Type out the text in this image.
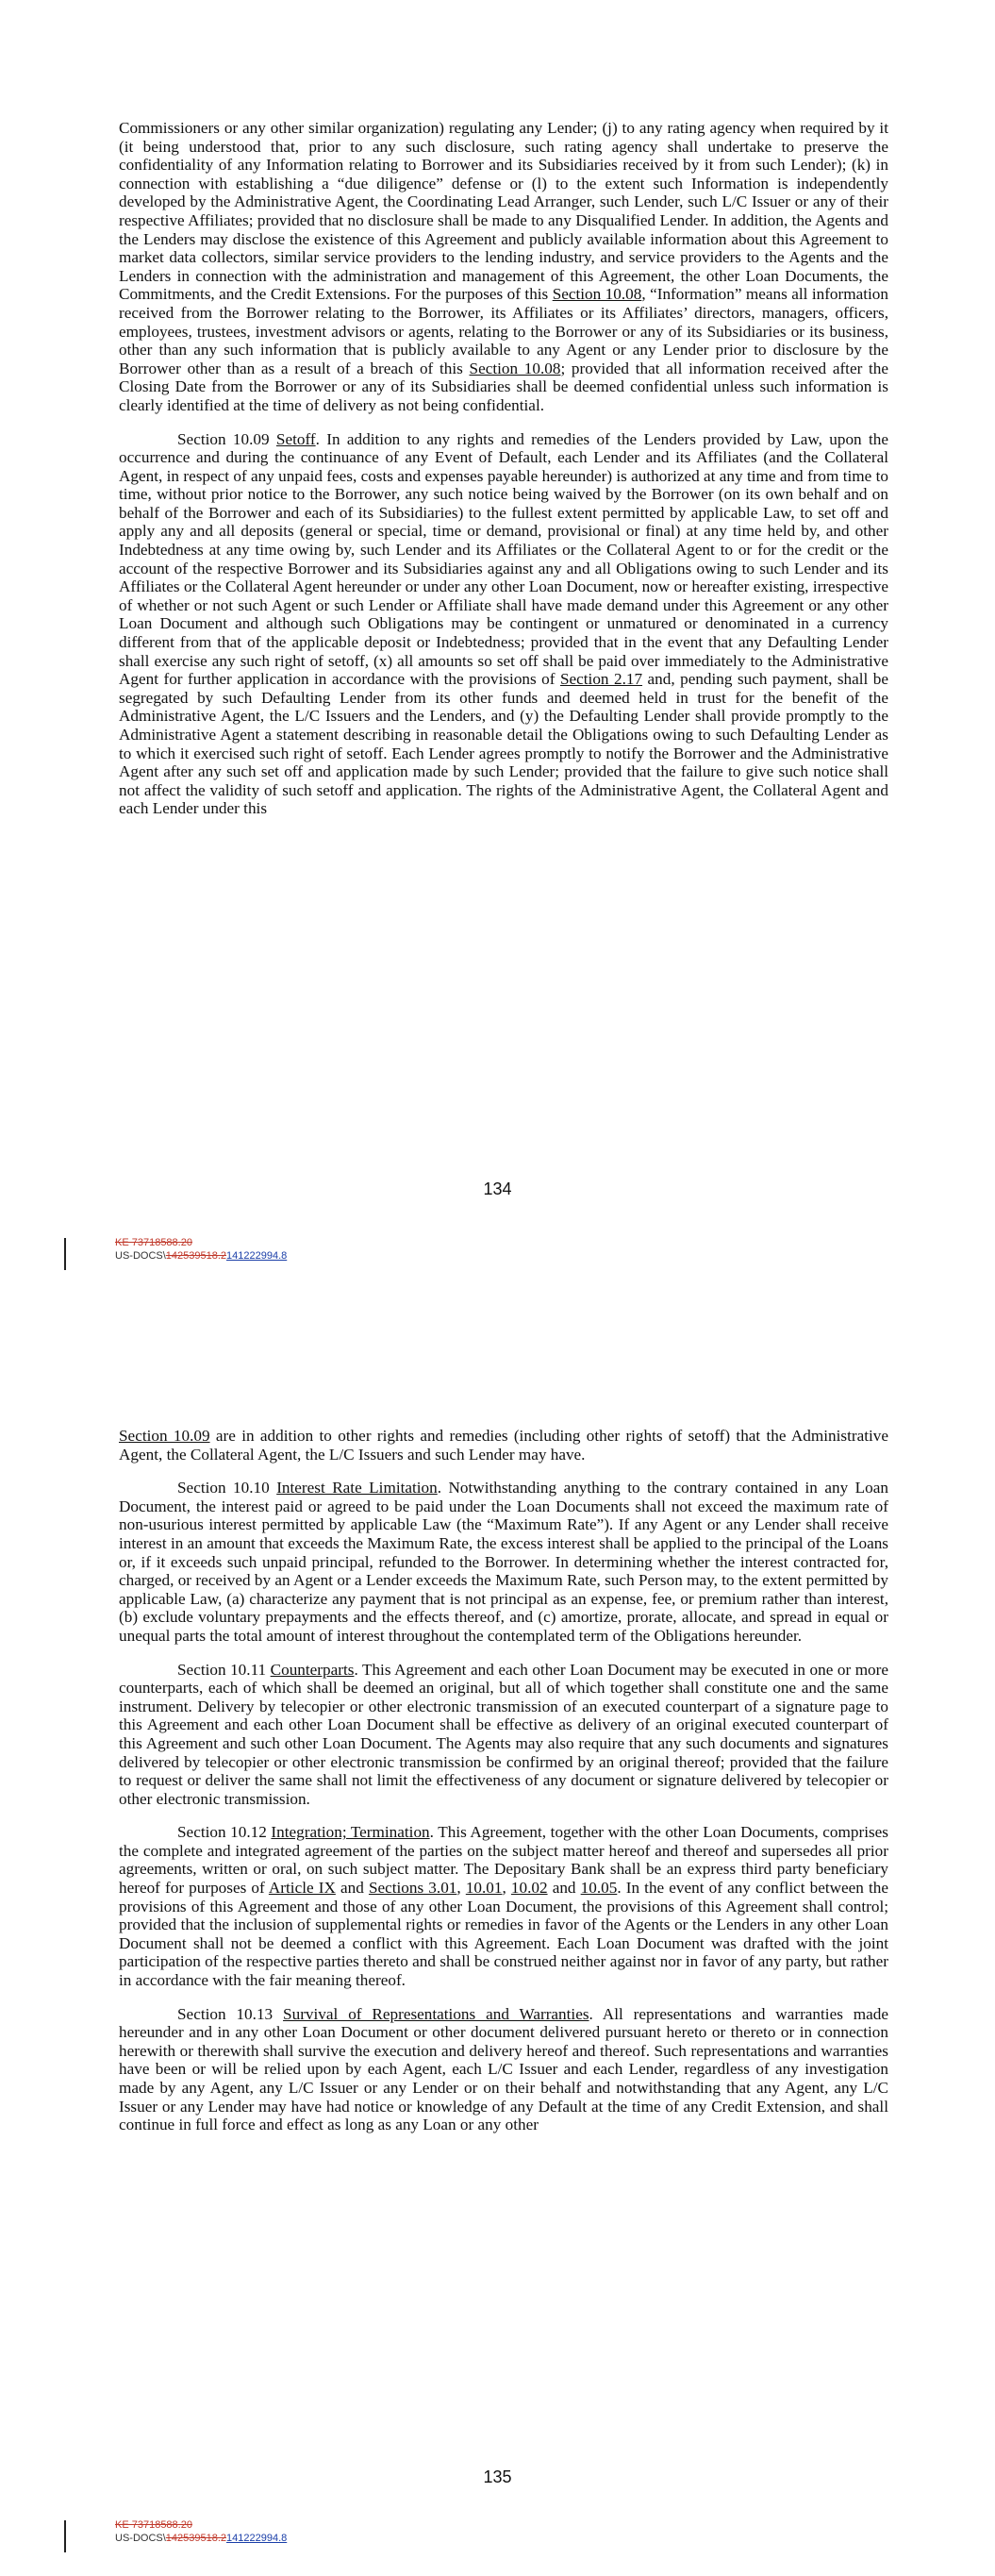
Commissioners or any other similar organization) regulating any Lender; (j) to any rating agency when required by it (it being understood that, prior to any such disclosure, such rating agency shall undertake to preserve the confidentiality of any Information relating to Borrower and its Subsidiaries received by it from such Lender); (k) in connection with establishing a “due diligence” defense or (l) to the extent such Information is independently developed by the Administrative Agent, the Coordinating Lead Arranger, such Lender, such L/C Issuer or any of their respective Affiliates; provided that no disclosure shall be made to any Disqualified Lender. In addition, the Agents and the Lenders may disclose the existence of this Agreement and publicly available information about this Agreement to market data collectors, similar service providers to the lending industry, and service providers to the Agents and the Lenders in connection with the administration and management of this Agreement, the other Loan Documents, the Commitments, and the Credit Extensions. For the purposes of this Section 10.08, “Information” means all information received from the Borrower relating to the Borrower, its Affiliates or its Affiliates’ directors, managers, officers, employees, trustees, investment advisors or agents, relating to the Borrower or any of its Subsidiaries or its business, other than any such information that is publicly available to any Agent or any Lender prior to disclosure by the Borrower other than as a result of a breach of this Section 10.08; provided that all information received after the Closing Date from the Borrower or any of its Subsidiaries shall be deemed confidential unless such information is clearly identified at the time of delivery as not being confidential.

Section 10.09 Setoff. In addition to any rights and remedies of the Lenders provided by Law, upon the occurrence and during the continuance of any Event of Default, each Lender and its Affiliates (and the Collateral Agent, in respect of any unpaid fees, costs and expenses payable hereunder) is authorized at any time and from time to time, without prior notice to the Borrower, any such notice being waived by the Borrower (on its own behalf and on behalf of the Borrower and each of its Subsidiaries) to the fullest extent permitted by applicable Law, to set off and apply any and all deposits (general or special, time or demand, provisional or final) at any time held by, and other Indebtedness at any time owing by, such Lender and its Affiliates or the Collateral Agent to or for the credit or the account of the respective Borrower and its Subsidiaries against any and all Obligations owing to such Lender and its Affiliates or the Collateral Agent hereunder or under any other Loan Document, now or hereafter existing, irrespective of whether or not such Agent or such Lender or Affiliate shall have made demand under this Agreement or any other Loan Document and although such Obligations may be contingent or unmatured or denominated in a currency different from that of the applicable deposit or Indebtedness; provided that in the event that any Defaulting Lender shall exercise any such right of setoff, (x) all amounts so set off shall be paid over immediately to the Administrative Agent for further application in accordance with the provisions of Section 2.17 and, pending such payment, shall be segregated by such Defaulting Lender from its other funds and deemed held in trust for the benefit of the Administrative Agent, the L/C Issuers and the Lenders, and (y) the Defaulting Lender shall provide promptly to the Administrative Agent a statement describing in reasonable detail the Obligations owing to such Defaulting Lender as to which it exercised such right of setoff. Each Lender agrees promptly to notify the Borrower and the Administrative Agent after any such set off and application made by such Lender; provided that the failure to give such notice shall not affect the validity of such setoff and application. The rights of the Administrative Agent, the Collateral Agent and each Lender under this

134
KE 73718588.20
US-DOCS\142539518.2141222994.8

Section 10.09 are in addition to other rights and remedies (including other rights of setoff) that the Administrative Agent, the Collateral Agent, the L/C Issuers and such Lender may have.

Section 10.10 Interest Rate Limitation. Notwithstanding anything to the contrary contained in any Loan Document, the interest paid or agreed to be paid under the Loan Documents shall not exceed the maximum rate of non-usurious interest permitted by applicable Law (the “Maximum Rate”). If any Agent or any Lender shall receive interest in an amount that exceeds the Maximum Rate, the excess interest shall be applied to the principal of the Loans or, if it exceeds such unpaid principal, refunded to the Borrower. In determining whether the interest contracted for, charged, or received by an Agent or a Lender exceeds the Maximum Rate, such Person may, to the extent permitted by applicable Law, (a) characterize any payment that is not principal as an expense, fee, or premium rather than interest, (b) exclude voluntary prepayments and the effects thereof, and (c) amortize, prorate, allocate, and spread in equal or unequal parts the total amount of interest throughout the contemplated term of the Obligations hereunder.

Section 10.11 Counterparts. This Agreement and each other Loan Document may be executed in one or more counterparts, each of which shall be deemed an original, but all of which together shall constitute one and the same instrument. Delivery by telecopier or other electronic transmission of an executed counterpart of a signature page to this Agreement and each other Loan Document shall be effective as delivery of an original executed counterpart of this Agreement and such other Loan Document. The Agents may also require that any such documents and signatures delivered by telecopier or other electronic transmission be confirmed by an original thereof; provided that the failure to request or deliver the same shall not limit the effectiveness of any document or signature delivered by telecopier or other electronic transmission.

Section 10.12 Integration; Termination. This Agreement, together with the other Loan Documents, comprises the complete and integrated agreement of the parties on the subject matter hereof and thereof and supersedes all prior agreements, written or oral, on such subject matter. The Depositary Bank shall be an express third party beneficiary hereof for purposes of Article IX and Sections 3.01, 10.01, 10.02 and 10.05. In the event of any conflict between the provisions of this Agreement and those of any other Loan Document, the provisions of this Agreement shall control; provided that the inclusion of supplemental rights or remedies in favor of the Agents or the Lenders in any other Loan Document shall not be deemed a conflict with this Agreement. Each Loan Document was drafted with the joint participation of the respective parties thereto and shall be construed neither against nor in favor of any party, but rather in accordance with the fair meaning thereof.

Section 10.13 Survival of Representations and Warranties. All representations and warranties made hereunder and in any other Loan Document or other document delivered pursuant hereto or thereto or in connection herewith or therewith shall survive the execution and delivery hereof and thereof. Such representations and warranties have been or will be relied upon by each Agent, each L/C Issuer and each Lender, regardless of any investigation made by any Agent, any L/C Issuer or any Lender or on their behalf and notwithstanding that any Agent, any L/C Issuer or any Lender may have had notice or knowledge of any Default at the time of any Credit Extension, and shall continue in full force and effect as long as any Loan or any other

135
KE 73718588.20
US-DOCS\142539518.2141222994.8
